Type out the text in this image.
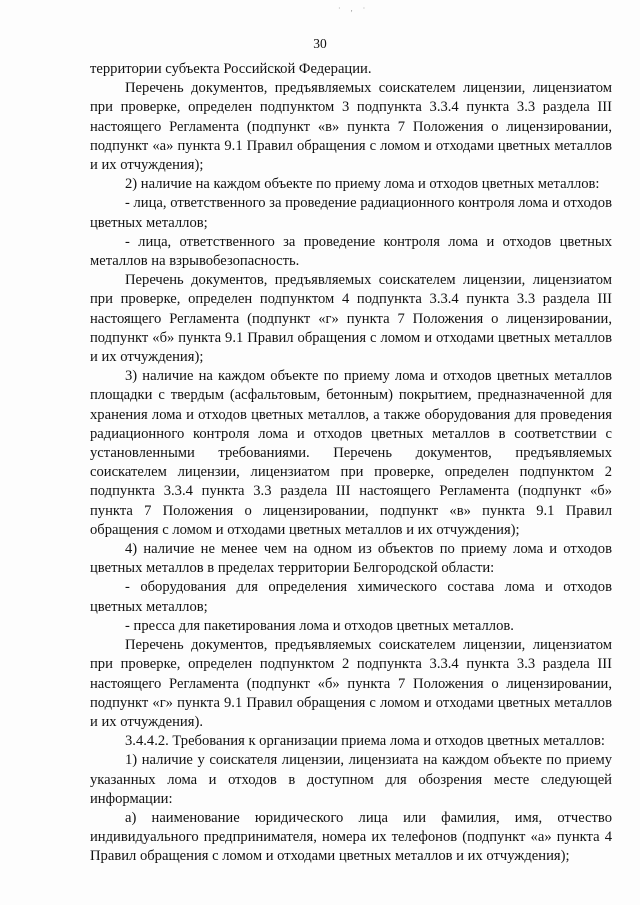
· , ·
30

территории субъекта Российской Федерации.

Перечень документов, предъявляемых соискателем лицензии, лицензиатом при проверке, определен подпунктом 3 подпункта 3.3.4 пункта 3.3 раздела III настоящего Регламента (подпункт «в» пункта 7 Положения о лицензировании, подпункт «а» пункта 9.1 Правил обращения с ломом и отходами цветных металлов и их отчуждения);

2) наличие на каждом объекте по приему лома и отходов цветных металлов:

- лица, ответственного за проведение радиационного контроля лома и отходов цветных металлов;

- лица, ответственного за проведение контроля лома и отходов цветных металлов на взрывобезопасность.

Перечень документов, предъявляемых соискателем лицензии, лицензиатом при проверке, определен подпунктом 4 подпункта 3.3.4 пункта 3.3 раздела III настоящего Регламента (подпункт «г» пункта 7 Положения о лицензировании, подпункт «б» пункта 9.1 Правил обращения с ломом и отходами цветных металлов и их отчуждения);

3) наличие на каждом объекте по приему лома и отходов цветных металлов площадки с твердым (асфальтовым, бетонным) покрытием, предназначенной для хранения лома и отходов цветных металлов, а также оборудования для проведения радиационного контроля лома и отходов цветных металлов в соответствии с установленными требованиями. Перечень документов, предъявляемых соискателем лицензии, лицензиатом при проверке, определен подпунктом 2 подпункта 3.3.4 пункта 3.3 раздела III настоящего Регламента (подпункт «б» пункта 7 Положения о лицензировании, подпункт «в» пункта 9.1 Правил обращения с ломом и отходами цветных металлов и их отчуждения);

4) наличие не менее чем на одном из объектов по приему лома и отходов цветных металлов в пределах территории Белгородской области:

- оборудования для определения химического состава лома и отходов цветных металлов;

- пресса для пакетирования лома и отходов цветных металлов.

Перечень документов, предъявляемых соискателем лицензии, лицензиатом при проверке, определен подпунктом 2 подпункта 3.3.4 пункта 3.3 раздела III настоящего Регламента (подпункт «б» пункта 7 Положения о лицензировании, подпункт «г» пункта 9.1 Правил обращения с ломом и отходами цветных металлов и их отчуждения).

3.4.4.2. Требования к организации приема лома и отходов цветных металлов:

1) наличие у соискателя лицензии, лицензиата на каждом объекте по приему указанных лома и отходов в доступном для обозрения месте следующей информации:

а) наименование юридического лица или фамилия, имя, отчество индивидуального предпринимателя, номера их телефонов (подпункт «а» пункта 4 Правил обращения с ломом и отходами цветных металлов и их отчуждения);
